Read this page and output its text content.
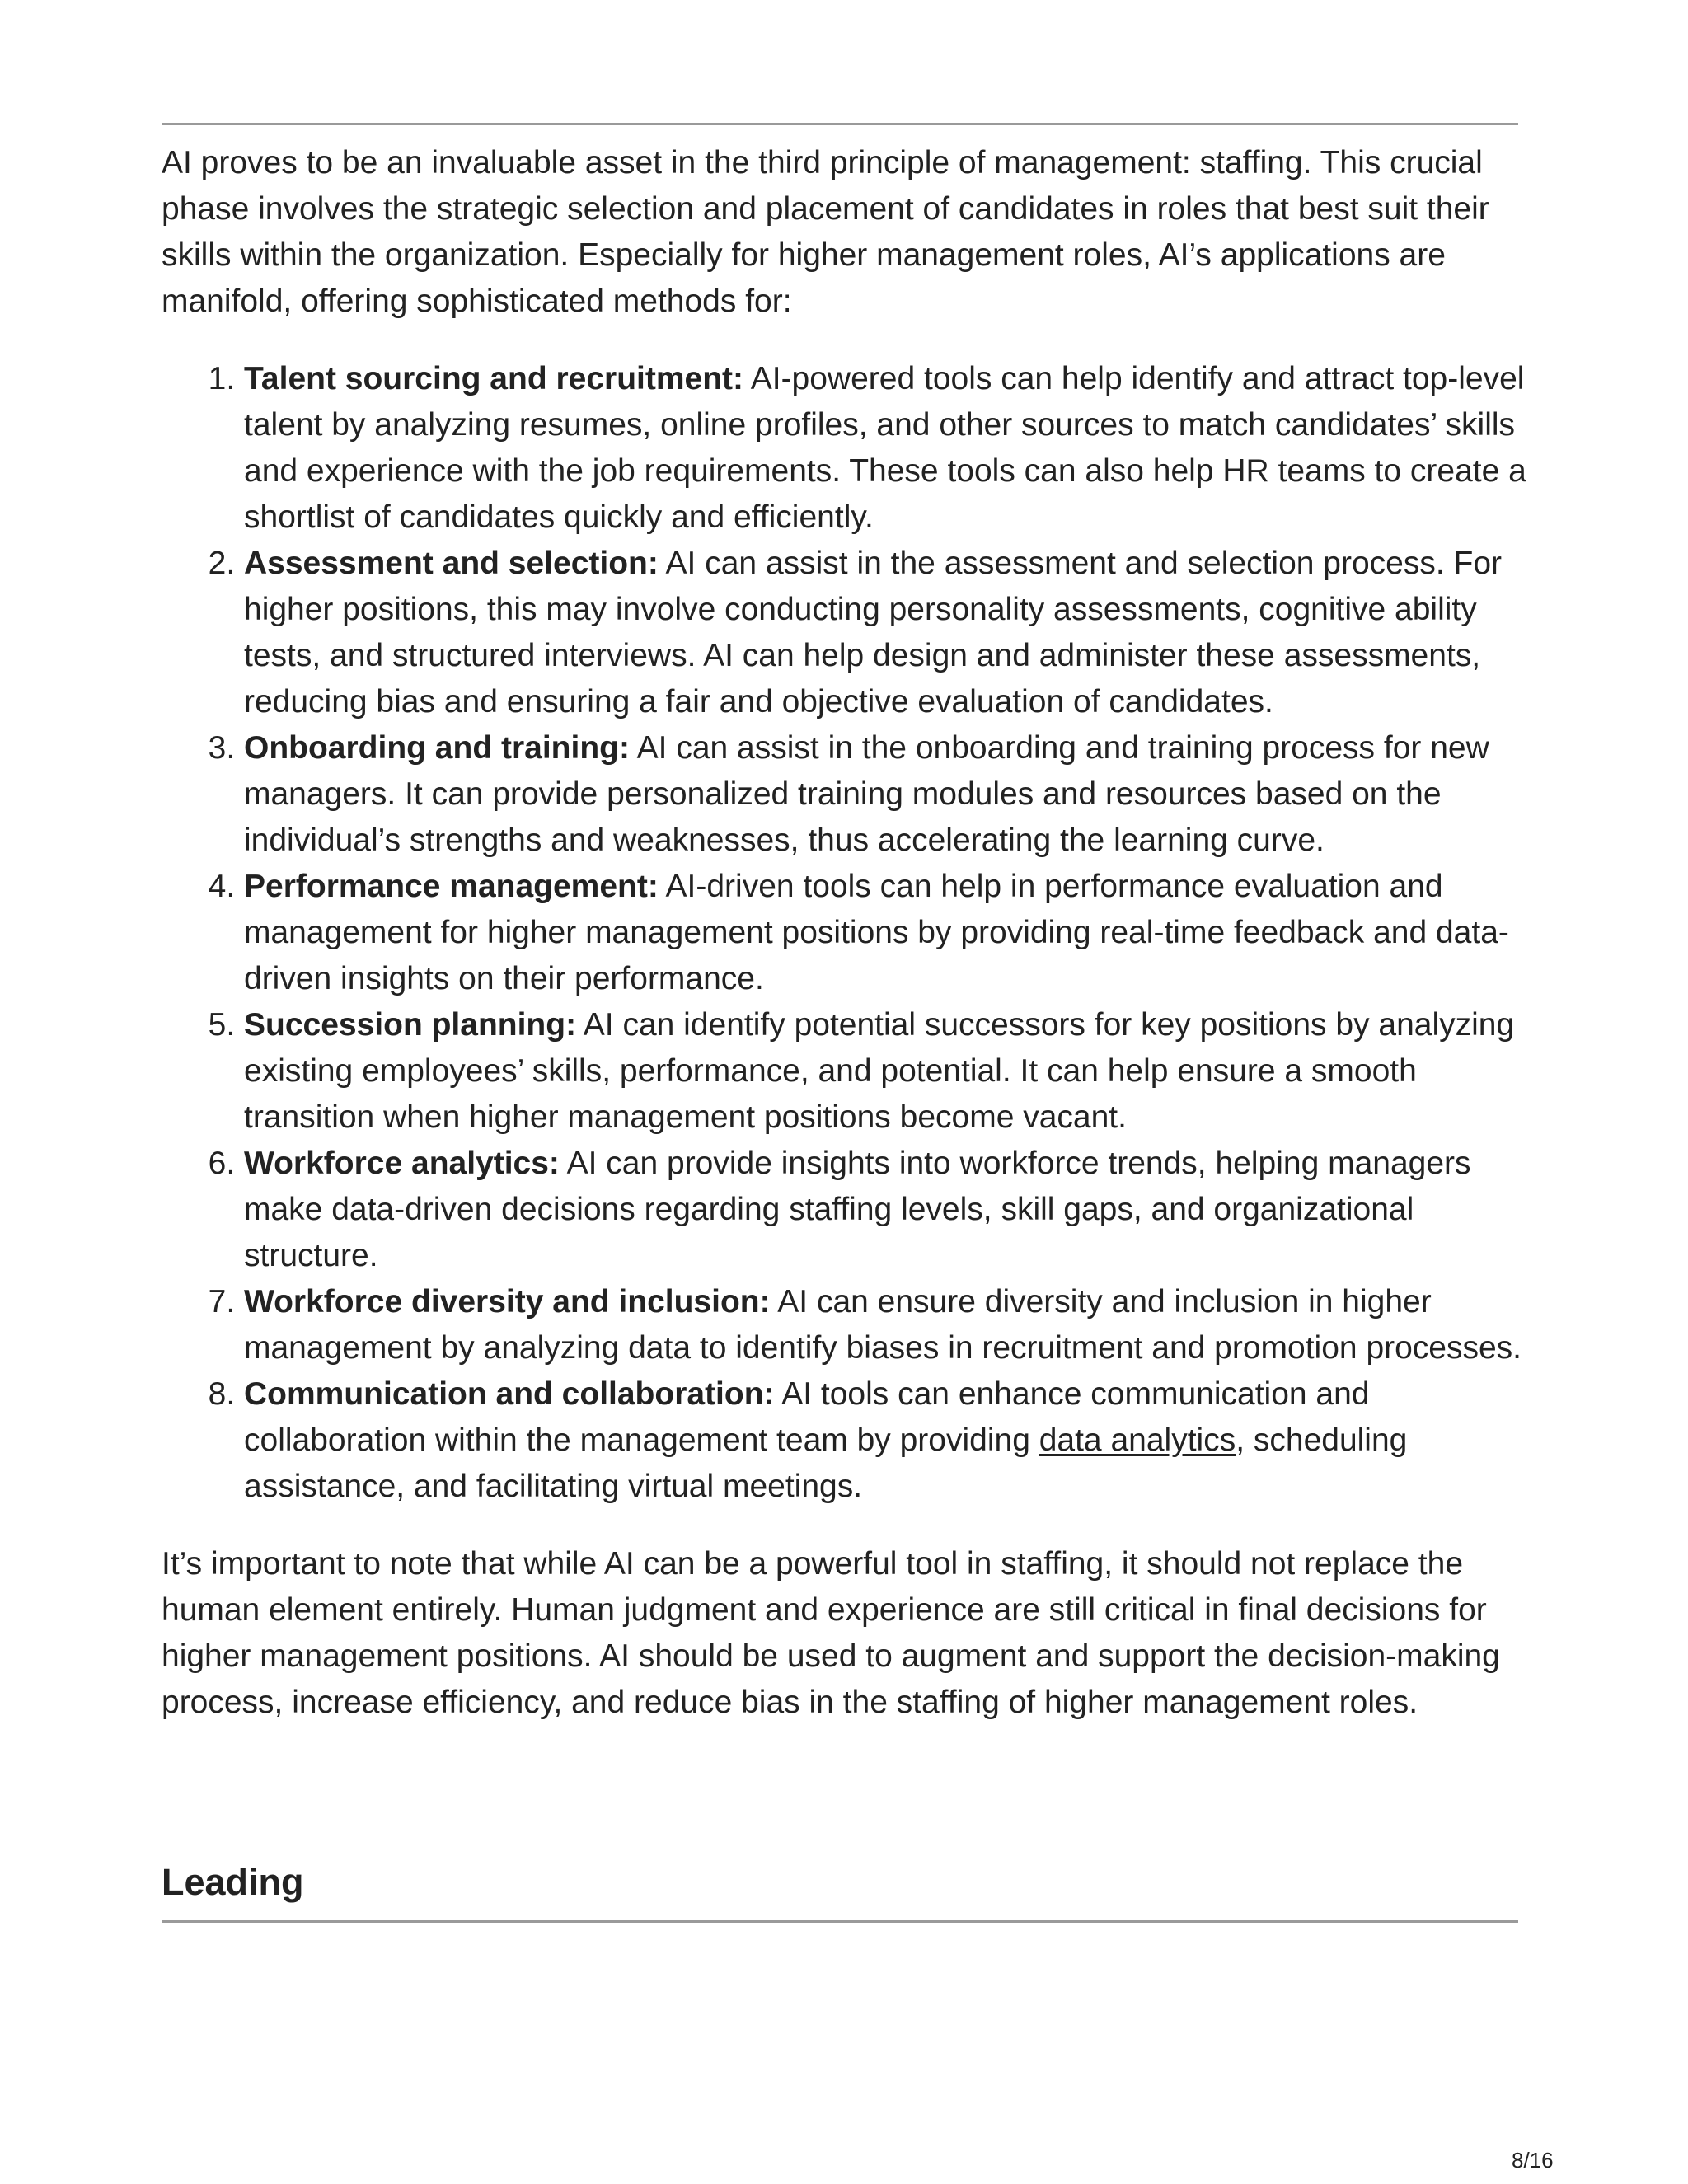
AI proves to be an invaluable asset in the third principle of management: staffing. This crucial phase involves the strategic selection and placement of candidates in roles that best suit their skills within the organization. Especially for higher management roles, AI’s applications are manifold, offering sophisticated methods for:

1. Talent sourcing and recruitment: AI-powered tools can help identify and attract top-level talent by analyzing resumes, online profiles, and other sources to match candidates’ skills and experience with the job requirements. These tools can also help HR teams to create a shortlist of candidates quickly and efficiently.
2. Assessment and selection: AI can assist in the assessment and selection process. For higher positions, this may involve conducting personality assessments, cognitive ability tests, and structured interviews. AI can help design and administer these assessments, reducing bias and ensuring a fair and objective evaluation of candidates.
3. Onboarding and training: AI can assist in the onboarding and training process for new managers. It can provide personalized training modules and resources based on the individual’s strengths and weaknesses, thus accelerating the learning curve.
4. Performance management: AI-driven tools can help in performance evaluation and management for higher management positions by providing real-time feedback and data-driven insights on their performance.
5. Succession planning: AI can identify potential successors for key positions by analyzing existing employees’ skills, performance, and potential. It can help ensure a smooth transition when higher management positions become vacant.
6. Workforce analytics: AI can provide insights into workforce trends, helping managers make data-driven decisions regarding staffing levels, skill gaps, and organizational structure.
7. Workforce diversity and inclusion: AI can ensure diversity and inclusion in higher management by analyzing data to identify biases in recruitment and promotion processes.
8. Communication and collaboration: AI tools can enhance communication and collaboration within the management team by providing data analytics, scheduling assistance, and facilitating virtual meetings.

It’s important to note that while AI can be a powerful tool in staffing, it should not replace the human element entirely. Human judgment and experience are still critical in final decisions for higher management positions. AI should be used to augment and support the decision-making process, increase efficiency, and reduce bias in the staffing of higher management roles.

Leading
8/16
